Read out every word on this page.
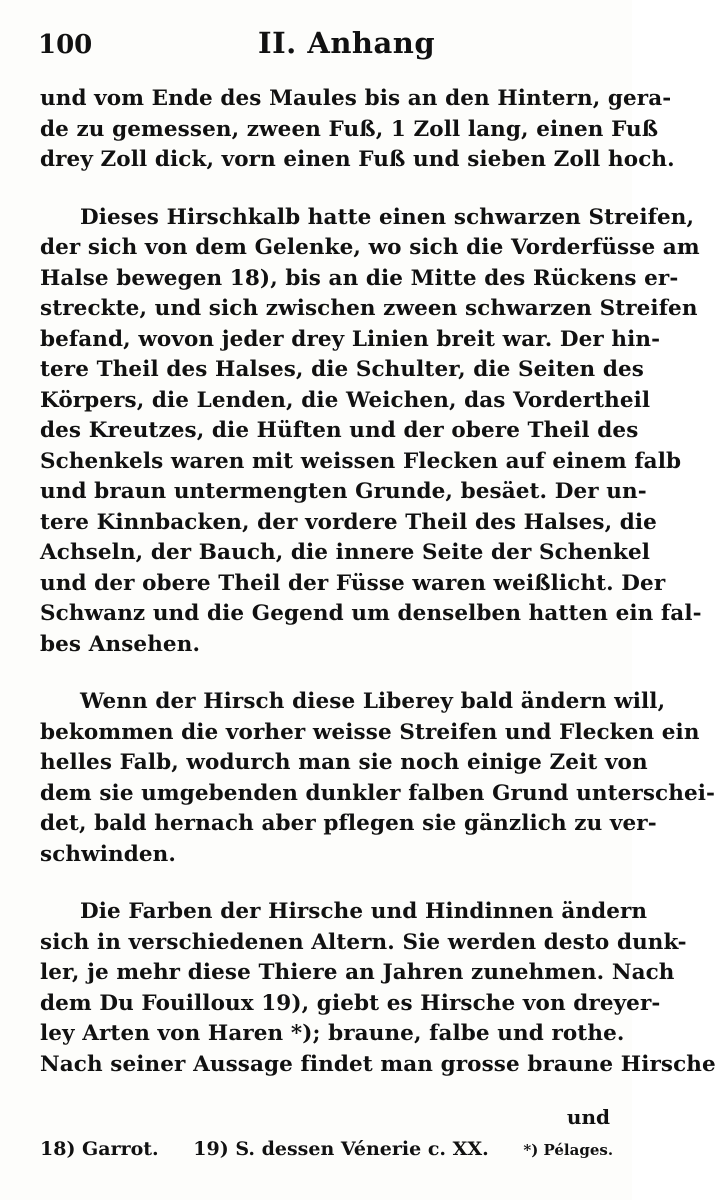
100	II. Anhang
und vom Ende des Maules bis an den Hintern, gera-
de zu gemessen, zween Fuß, 1 Zoll lang, einen Fuß
drey Zoll dick, vorn einen Fuß und sieben Zoll hoch.
Dieses Hirschkalb hatte einen schwarzen Streifen,
der sich von dem Gelenke, wo sich die Vorderfüsse am
Halse bewegen 18), bis an die Mitte des Rückens er-
streckte, und sich zwischen zween schwarzen Streifen
befand, wovon jeder drey Linien breit war. Der hin-
tere Theil des Halses, die Schulter, die Seiten des
Körpers, die Lenden, die Weichen, das Vordertheil
des Kreutzes, die Hüften und der obere Theil des
Schenkels waren mit weissen Flecken auf einem falb
und braun untermengten Grunde, besäet. Der un-
tere Kinnbacken, der vordere Theil des Halses, die
Achseln, der Bauch, die innere Seite der Schenkel
und der obere Theil der Füsse waren weißlicht. Der
Schwanz und die Gegend um denselben hatten ein fal-
bes Ansehen.
Wenn der Hirsch diese Liberey bald ändern will,
bekommen die vorher weisse Streifen und Flecken ein
helles Falb, wodurch man sie noch einige Zeit von
dem sie umgebenden dunkler falben Grund unterschei-
det, bald hernach aber pflegen sie gänzlich zu ver-
schwinden.
Die Farben der Hirsche und Hindinnen ändern
sich in verschiedenen Altern. Sie werden desto dunk-
ler, je mehr diese Thiere an Jahren zunehmen. Nach
dem Du Fouilloux 19), giebt es Hirsche von dreyer-
ley Arten von Haren *); braune, falbe und rothe.
Nach seiner Aussage findet man grosse braune Hirsche
und
18) Garrot. 19) S. dessen Vénerie c. XX. *) Pélages.
